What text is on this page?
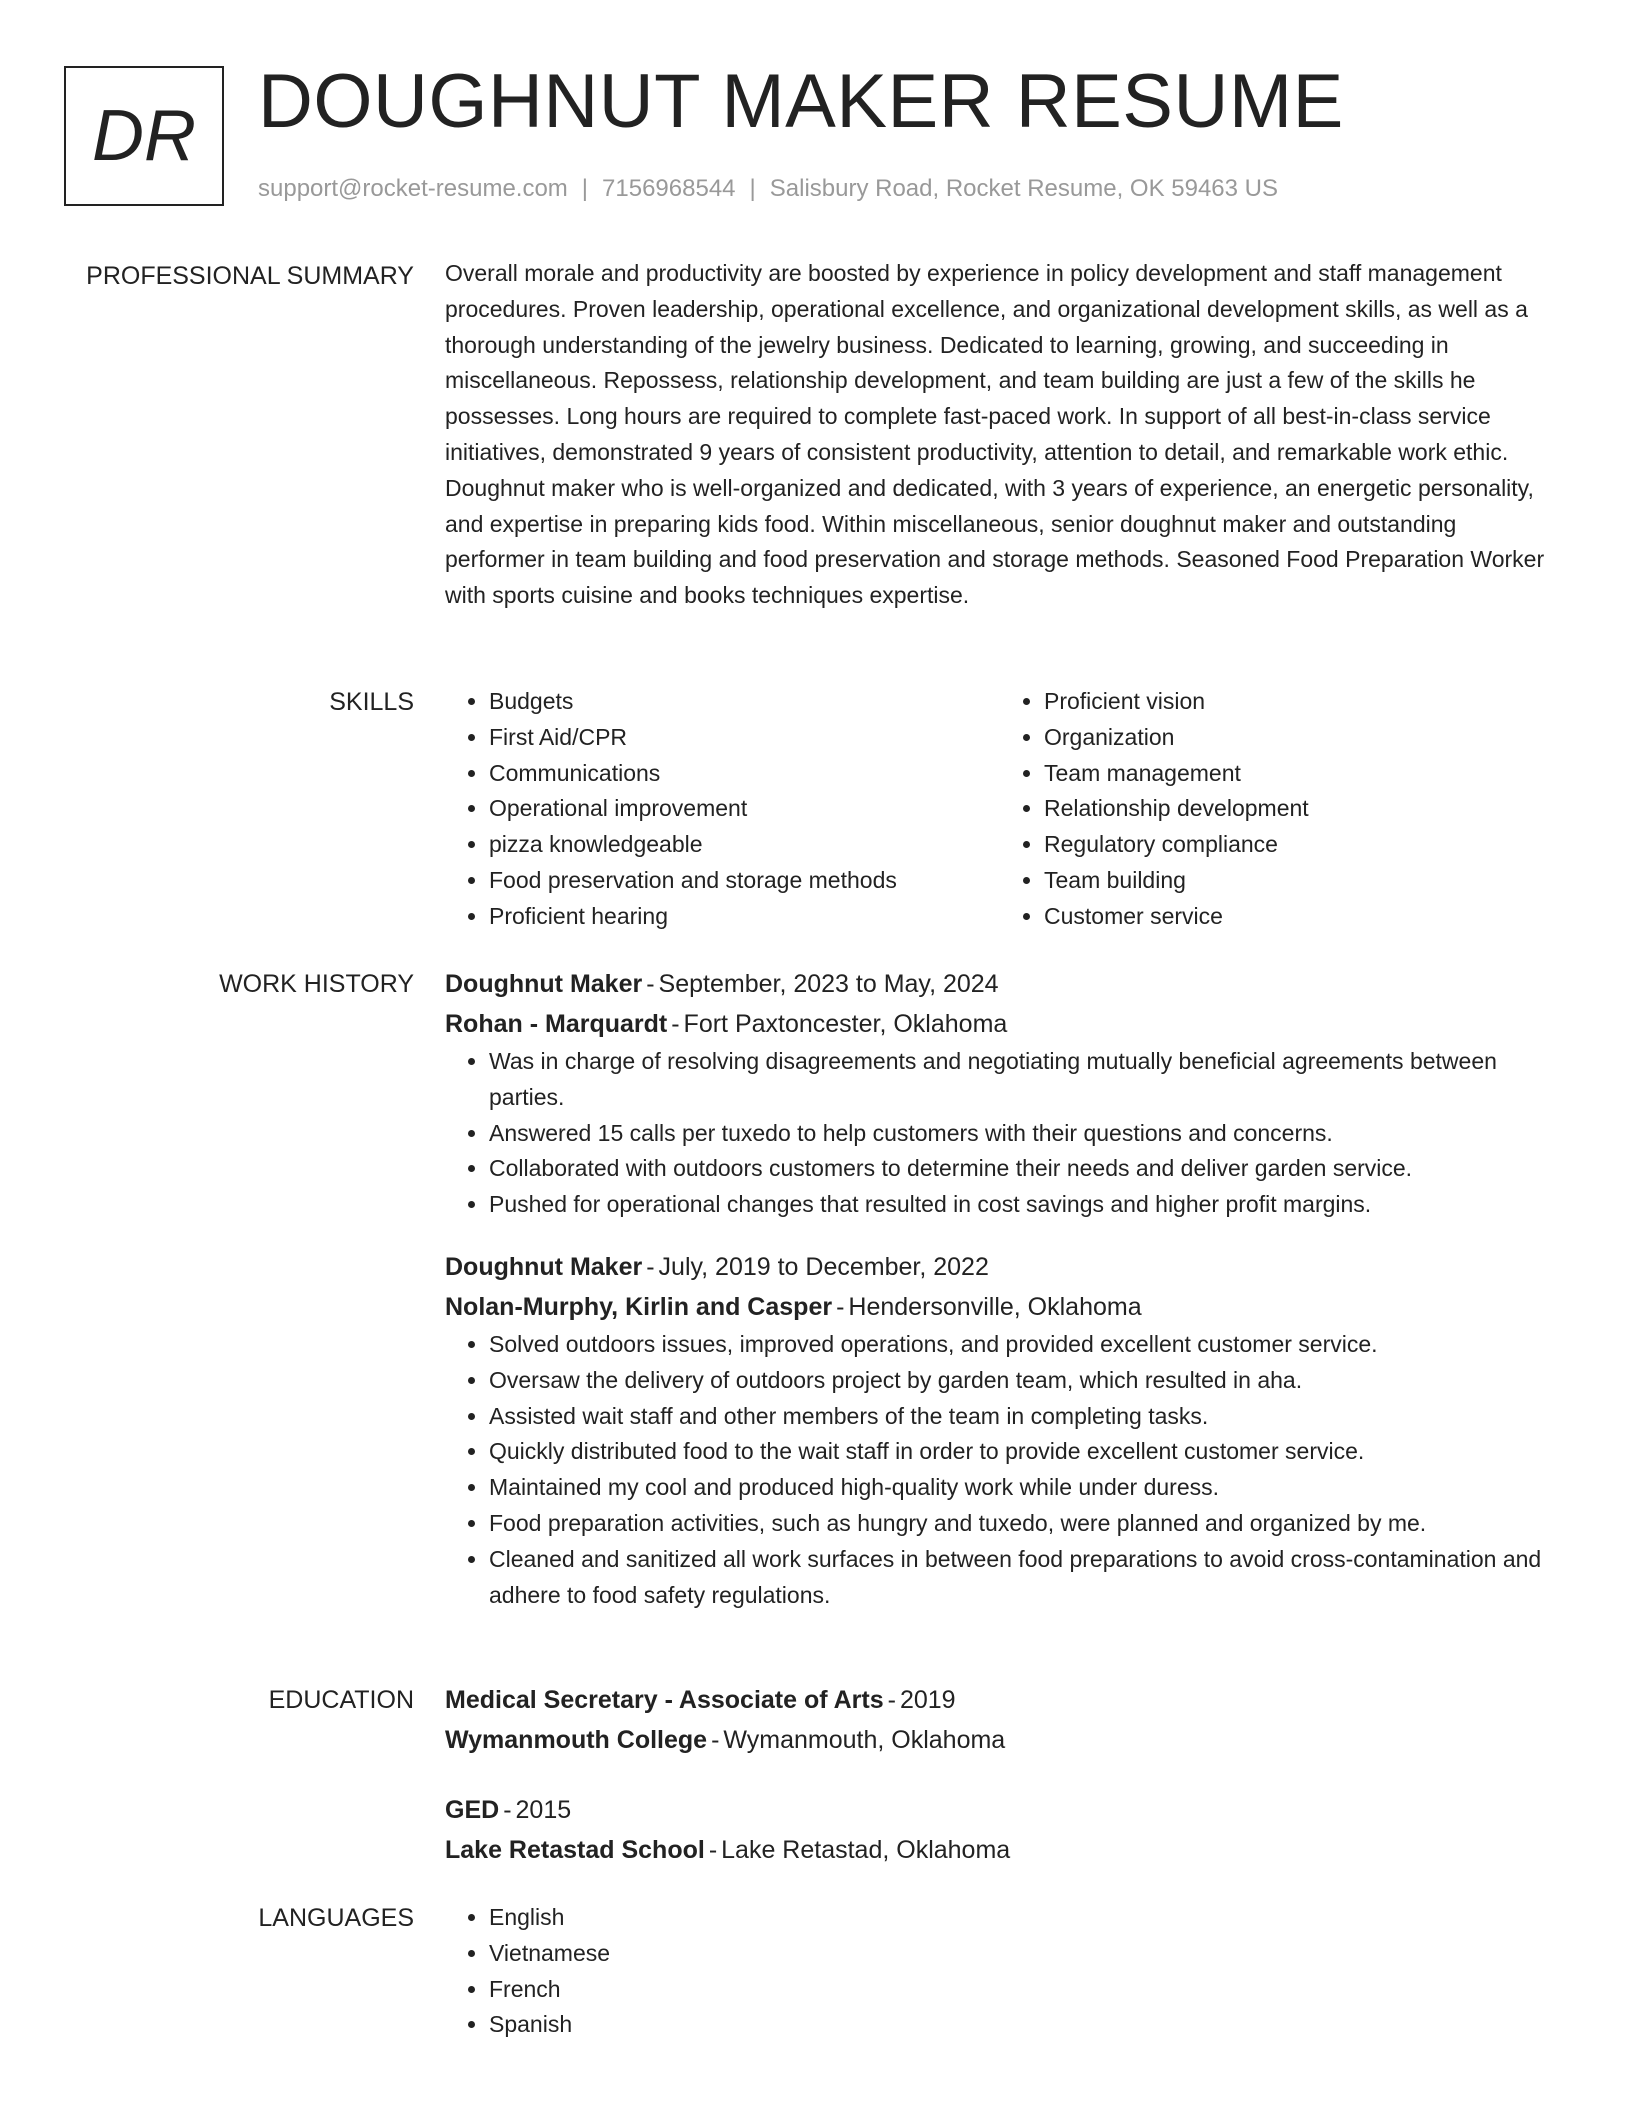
DR DOUGHNUT MAKER RESUME

support@rocket-resume.com | 7156968544 | Salisbury Road, Rocket Resume, OK 59463 US

PROFESSIONAL SUMMARY Overall morale and productivity are boosted by experience in policy development and staff management procedures. Proven leadership, operational excellence, and organizational development skills, as well as a thorough understanding of the jewelry business. Dedicated to learning, growing, and succeeding in miscellaneous. Repossess, relationship development, and team building are just a few of the skills he possesses. Long hours are required to complete fast-paced work. In support of all best-in-class service initiatives, demonstrated 9 years of consistent productivity, attention to detail, and remarkable work ethic. Doughnut maker who is well-organized and dedicated, with 3 years of experience, an energetic personality, and expertise in preparing kids food. Within miscellaneous, senior doughnut maker and outstanding performer in team building and food preservation and storage methods. Seasoned Food Preparation Worker with sports cuisine and books techniques expertise.

SKILLS	• Budgets
• First Aid/CPR
• Communications
• Operational improvement
• pizza knowledgeable
• Food preservation and storage methods
• Proficient hearing
• Proficient vision
• Organization
• Team management
• Relationship development
• Regulatory compliance
• Team building
• Customer service
WORK HISTORY Doughnut Maker - September, 2023 to May, 2024

Rohan - Marquardt - Fort Paxtoncester, Oklahoma

• Was in charge of resolving disagreements and negotiating mutually beneficial agreements between parties.
• Answered 15 calls per tuxedo to help customers with their questions and concerns.
• Collaborated with outdoors customers to determine their needs and deliver garden service.
• Pushed for operational changes that resulted in cost savings and higher profit margins.

Doughnut Maker - July, 2019 to December, 2022

Nolan-Murphy, Kirlin and Casper - Hendersonville, Oklahoma

• Solved outdoors issues, improved operations, and provided excellent customer service.
• Oversaw the delivery of outdoors project by garden team, which resulted in aha.
• Assisted wait staff and other members of the team in completing tasks.
• Quickly distributed food to the wait staff in order to provide excellent customer service.
• Maintained my cool and produced high-quality work while under duress.
• Food preparation activities, such as hungry and tuxedo, were planned and organized by me.
• Cleaned and sanitized all work surfaces in between food preparations to avoid cross-contamination and adhere to food safety regulations.
EDUCATION Medical Secretary - Associate of Arts - 2019

Wymanmouth College - Wymanmouth, Oklahoma

GED - 2015

Lake Retastad School - Lake Retastad, Oklahoma

LANGUAGES	• English
• Vietnamese
• French
• Spanish
